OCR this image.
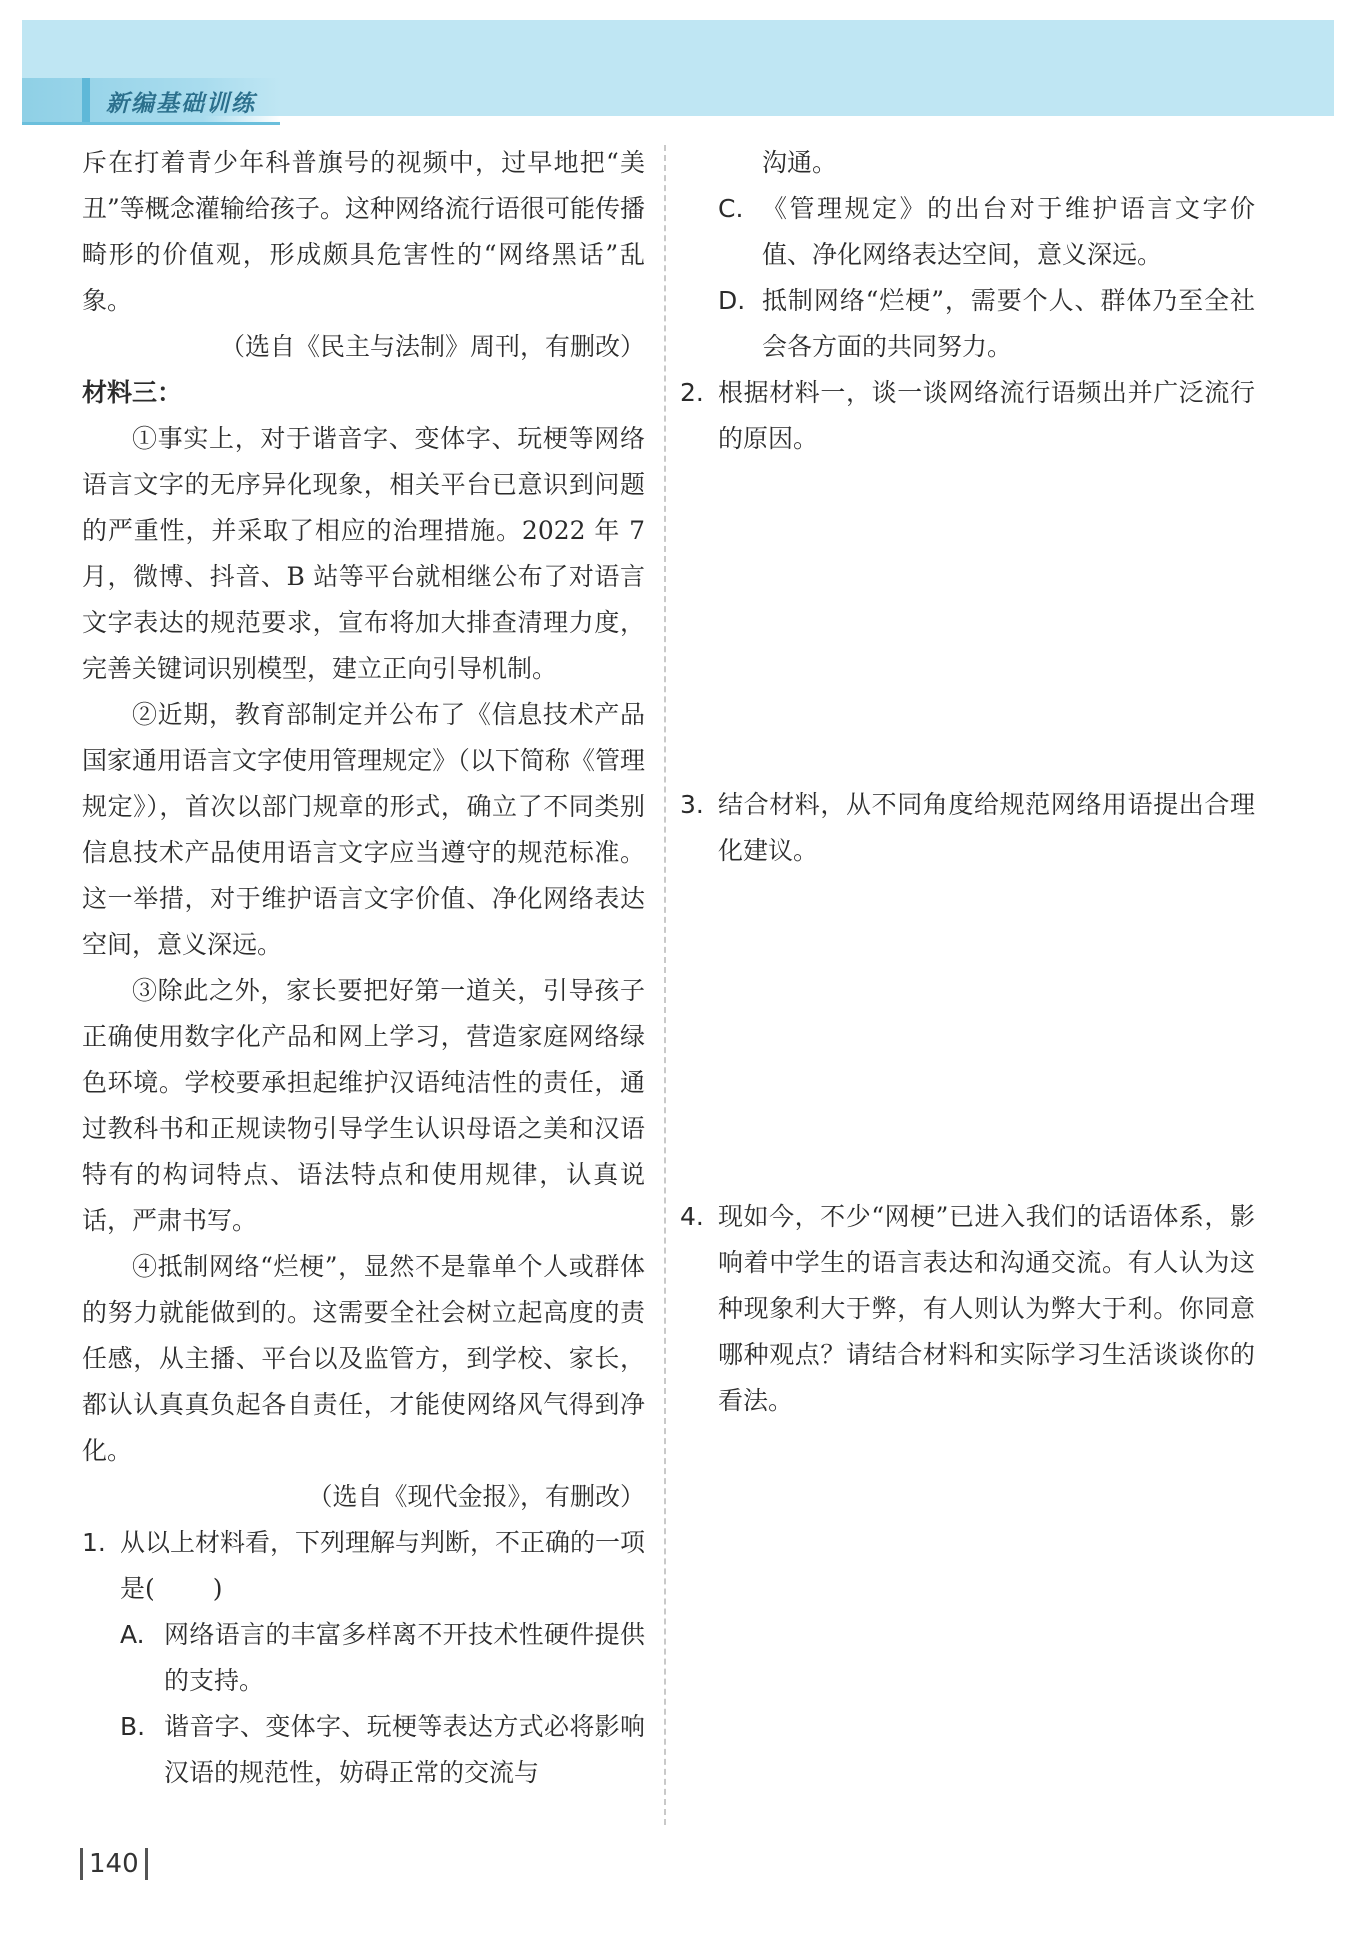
新编基础训练

斥在打着青少年科普旗号的视频中，过早地把“美丑”等概念灌输给孩子。这种网络流行语很可能传播畸形的价值观，形成颇具危害性的“网络黑话”乱象。

（选自《民主与法制》周刊，有删改）

材料三：

①事实上，对于谐音字、变体字、玩梗等网络语言文字的无序异化现象，相关平台已意识到问题的严重性，并采取了相应的治理措施。2022 年 7 月，微博、抖音、B 站等平台就相继公布了对语言文字表达的规范要求，宣布将加大排查清理力度，完善关键词识别模型，建立正向引导机制。

②近期，教育部制定并公布了《信息技术产品国家通用语言文字使用管理规定》（以下简称《管理规定》），首次以部门规章的形式，确立了不同类别信息技术产品使用语言文字应当遵守的规范标准。这一举措，对于维护语言文字价值、净化网络表达空间，意义深远。

③除此之外，家长要把好第一道关，引导孩子正确使用数字化产品和网上学习，营造家庭网络绿色环境。学校要承担起维护汉语纯洁性的责任，通过教科书和正规读物引导学生认识母语之美和汉语特有的构词特点、语法特点和使用规律，认真说话，严肃书写。

④抵制网络“烂梗”，显然不是靠单个人或群体的努力就能做到的。这需要全社会树立起高度的责任感，从主播、平台以及监管方，到学校、家长，都认认真真负起各自责任，才能使网络风气得到净化。

（选自《现代金报》，有删改）

1. 从以上材料看，下列理解与判断，不正确的一项是( )
A. 网络语言的丰富多样离不开技术性硬件提供的支持。
B. 谐音字、变体字、玩梗等表达方式必将影响汉语的规范性，妨碍正常的交流与
沟通。
C. 《管理规定》的出台对于维护语言文字价值、净化网络表达空间，意义深远。
D. 抵制网络“烂梗”，需要个人、群体乃至全社会各方面的共同努力。
2. 根据材料一，谈一谈网络流行语频出并广泛流行的原因。
3. 结合材料，从不同角度给规范网络用语提出合理化建议。
4. 现如今，不少“网梗”已进入我们的话语体系，影响着中学生的语言表达和沟通交流。有人认为这种现象利大于弊，有人则认为弊大于利。你同意哪种观点？请结合材料和实际学习生活谈谈你的看法。
140
